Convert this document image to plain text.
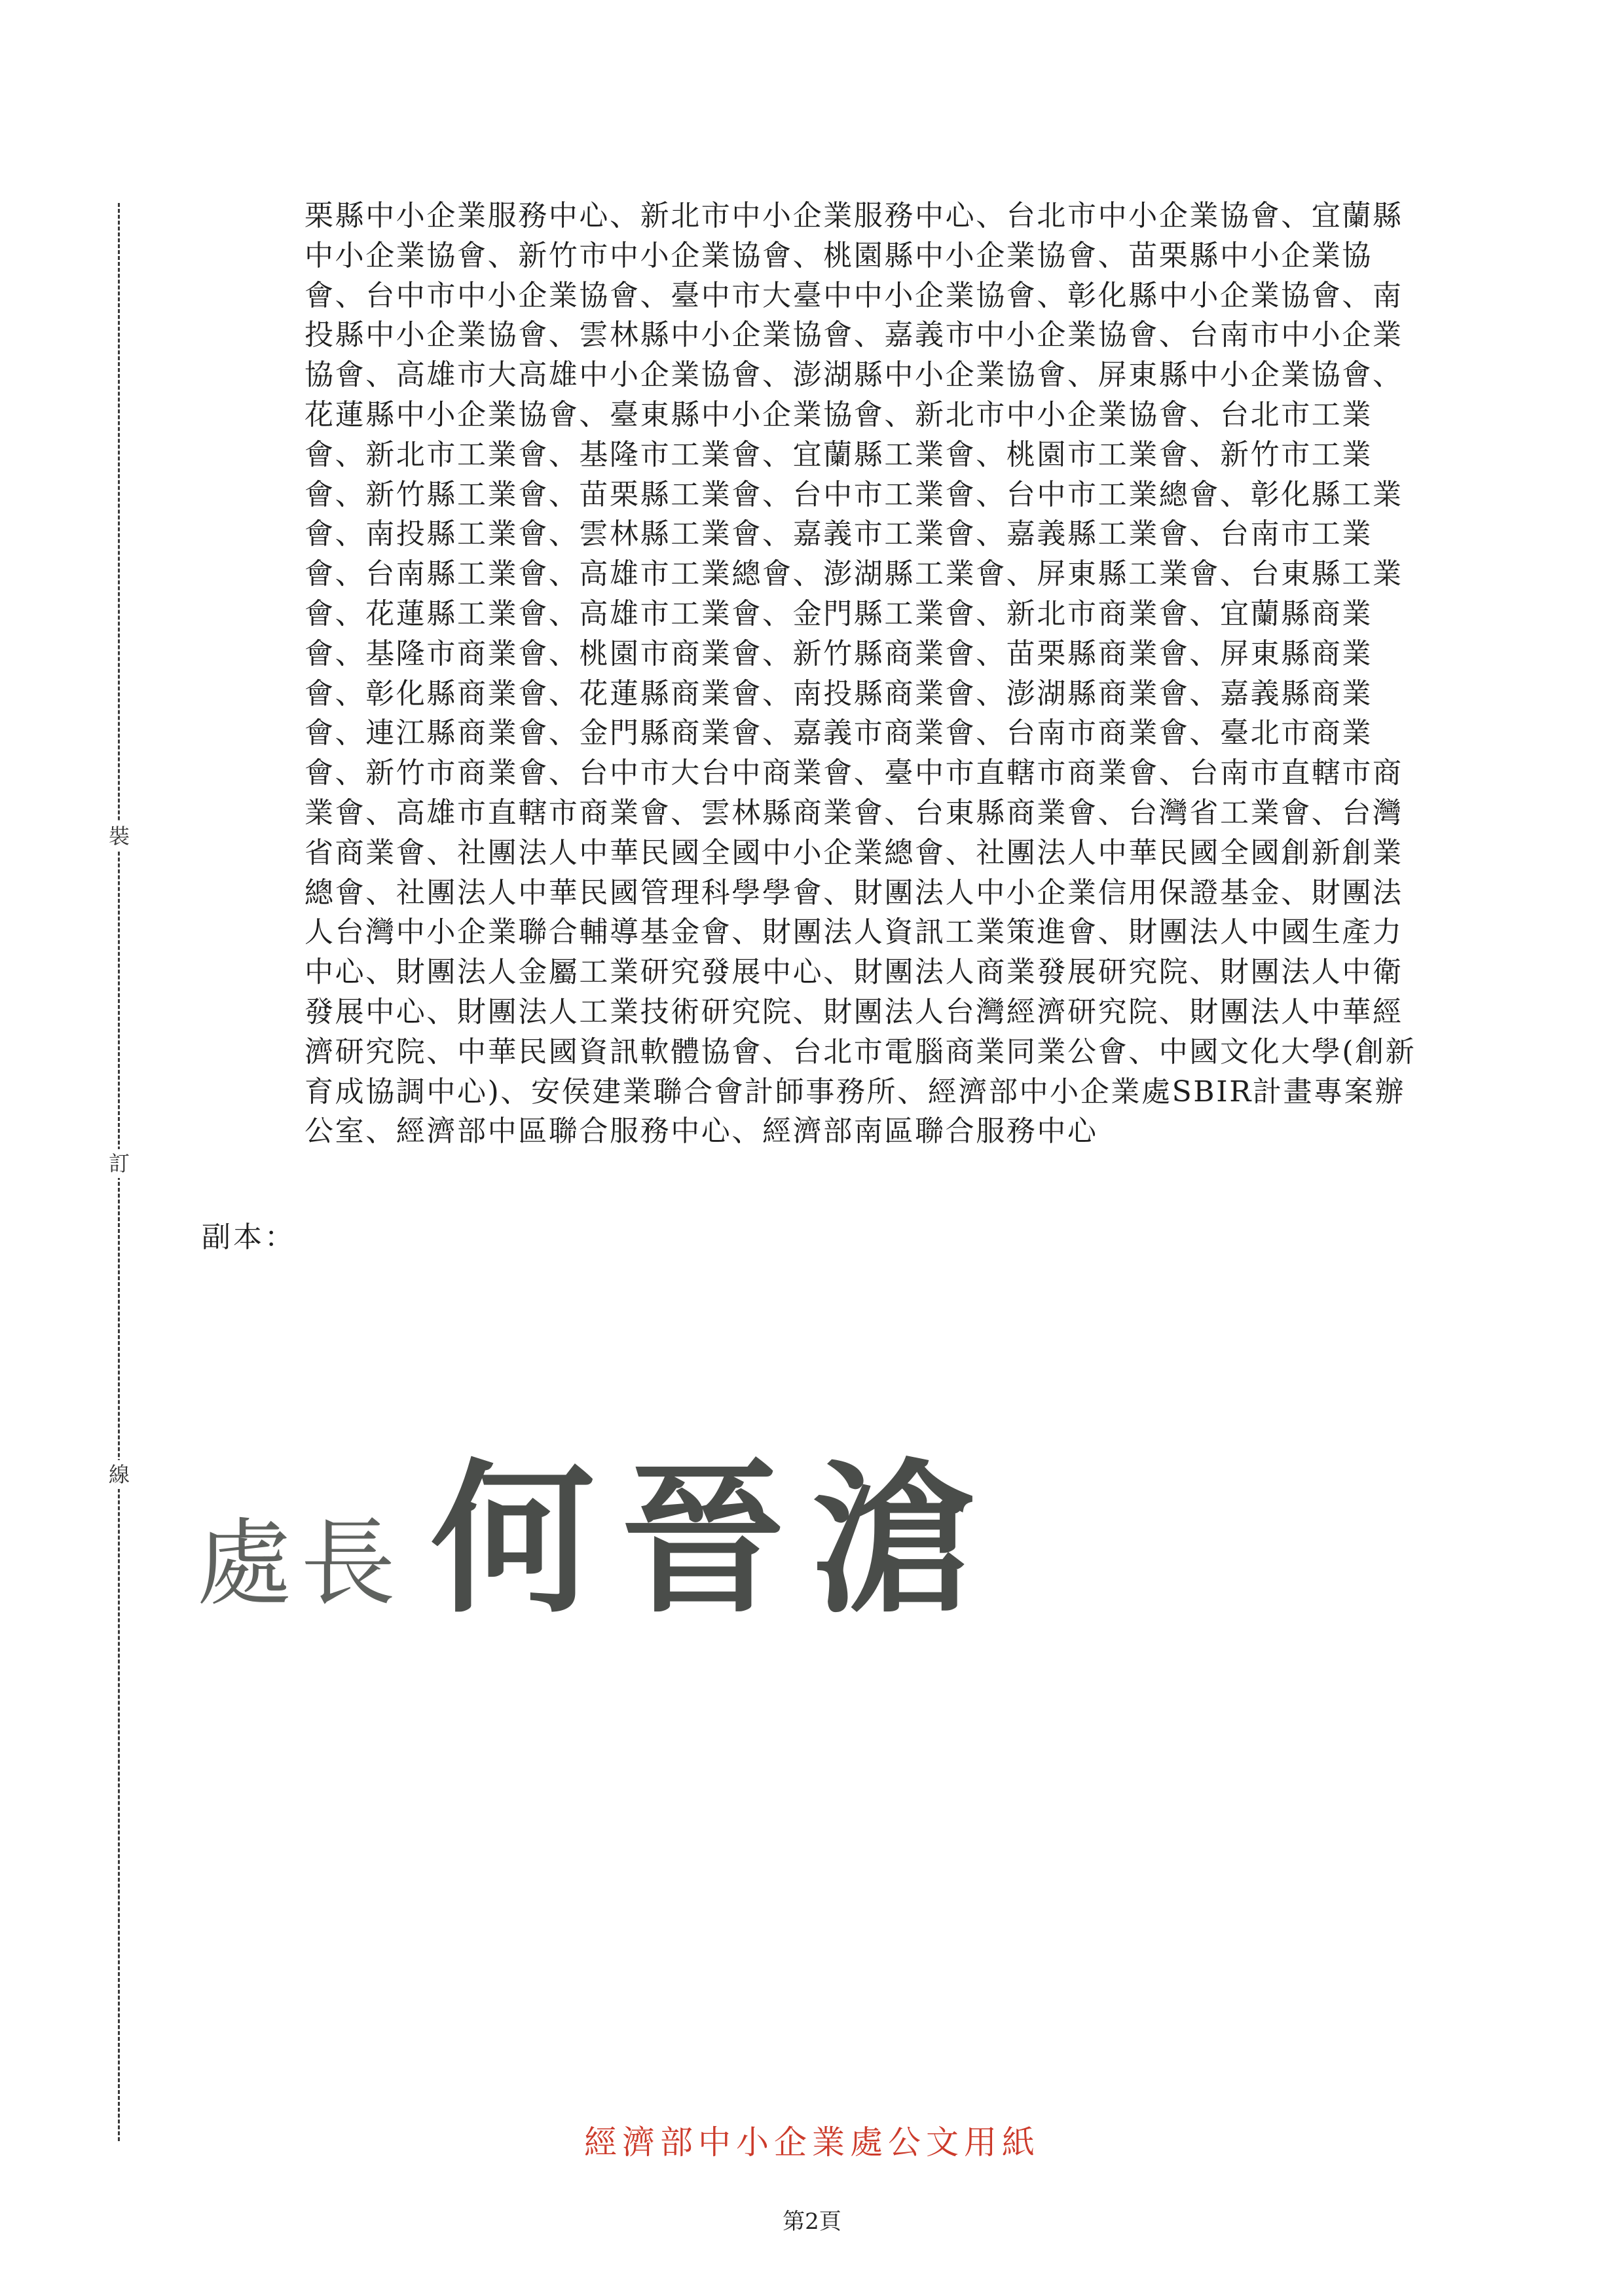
裝
訂
線

栗縣中小企業服務中心、新北市中小企業服務中心、台北市中小企業協會、宜蘭縣中小企業協會、新竹市中小企業協會、桃園縣中小企業協會、苗栗縣中小企業協會、台中市中小企業協會、臺中市大臺中中小企業協會、彰化縣中小企業協會、南投縣中小企業協會、雲林縣中小企業協會、嘉義市中小企業協會、台南市中小企業協會、高雄市大高雄中小企業協會、澎湖縣中小企業協會、屏東縣中小企業協會、花蓮縣中小企業協會、臺東縣中小企業協會、新北市中小企業協會、台北市工業會、新北市工業會、基隆市工業會、宜蘭縣工業會、桃園市工業會、新竹市工業會、新竹縣工業會、苗栗縣工業會、台中市工業會、台中市工業總會、彰化縣工業會、南投縣工業會、雲林縣工業會、嘉義市工業會、嘉義縣工業會、台南市工業會、台南縣工業會、高雄市工業總會、澎湖縣工業會、屏東縣工業會、台東縣工業會、花蓮縣工業會、高雄市工業會、金門縣工業會、新北市商業會、宜蘭縣商業會、基隆市商業會、桃園市商業會、新竹縣商業會、苗栗縣商業會、屏東縣商業會、彰化縣商業會、花蓮縣商業會、南投縣商業會、澎湖縣商業會、嘉義縣商業會、連江縣商業會、金門縣商業會、嘉義市商業會、台南市商業會、臺北市商業會、新竹市商業會、台中市大台中商業會、臺中市直轄市商業會、台南市直轄市商業會、高雄市直轄市商業會、雲林縣商業會、台東縣商業會、台灣省工業會、台灣省商業會、社團法人中華民國全國中小企業總會、社團法人中華民國全國創新創業總會、社團法人中華民國管理科學學會、財團法人中小企業信用保證基金、財團法人台灣中小企業聯合輔導基金會、財團法人資訊工業策進會、財團法人中國生產力中心、財團法人金屬工業研究發展中心、財團法人商業發展研究院、財團法人中衛發展中心、財團法人工業技術研究院、財團法人台灣經濟研究院、財團法人中華經濟研究院、中華民國資訊軟體協會、台北市電腦商業同業公會、中國文化大學(創新育成協調中心)、安侯建業聯合會計師事務所、經濟部中小企業處SBIR計畫專案辦公室、經濟部中區聯合服務中心、經濟部南區聯合服務中心

副本：
處長 何晉滄
經濟部中小企業處公文用紙
第2頁
